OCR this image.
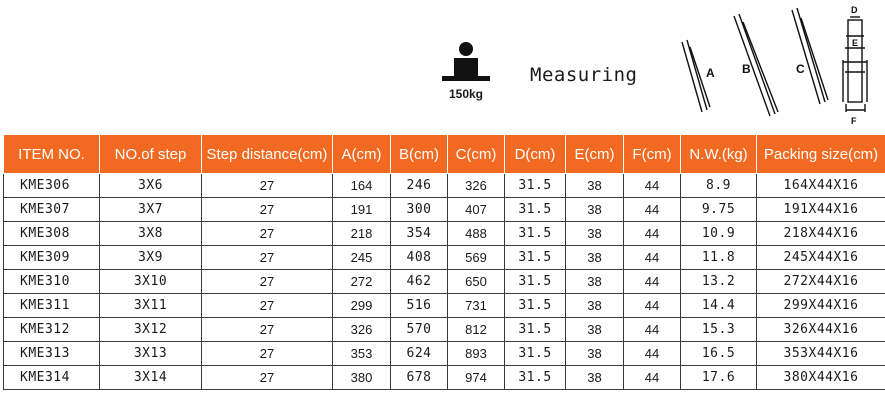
150kg
Measuring	A B	C
D
E
F
ITEM NO.	NO.of step	Step distance(cm)	A(cm)	B(cm)	C(cm)	D(cm)	E(cm)	F(cm)	N.W.(kg)	Packing size(cm)
KME306	3X6	27	164	246	326	31.5	38	44	8.9	164X44X16
KME307	3X7	27	191	300	407	31.5	38	44	9.75	191X44X16
KME308	3X8	27	218	354	488	31.5	38	44	10.9	218X44X16
KME309	3X9	27	245	408	569	31.5	38	44	11.8	245X44X16
KME310	3X10	27	272	462	650	31.5	38	44	13.2	272X44X16
KME311	3X11	27	299	516	731	31.5	38	44	14.4	299X44X16
KME312	3X12	27	326	570	812	31.5	38	44	15.3	326X44X16
KME313	3X13	27	353	624	893	31.5	38	44	16.5	353X44X16
KME314	3X14	27	380	678	974	31.5	38	44	17.6	380X44X16
